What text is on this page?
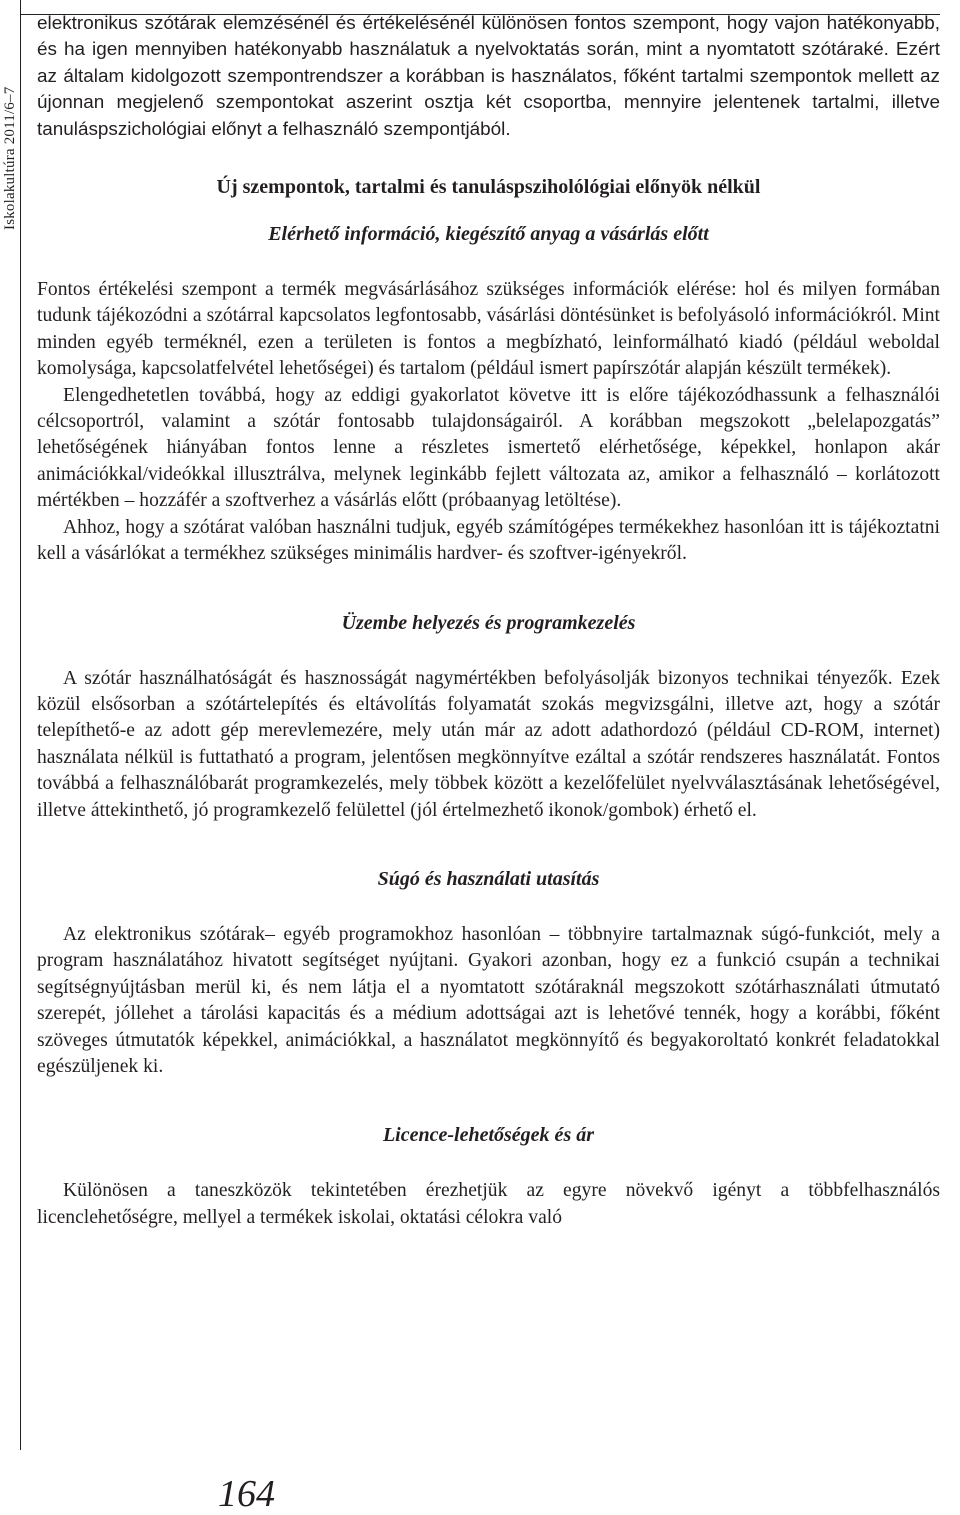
Iskolakultúra 2011/6–7

elektronikus szótárak elemzésénél és értékelésénél különösen fontos szempont, hogy vajon hatékonyabb, és ha igen mennyiben hatékonyabb használatuk a nyelvoktatás során, mint a nyomtatott szótáraké. Ezért az általam kidolgozott szempontrendszer a korábban is használatos, főként tartalmi szempontok mellett az újonnan megjelenő szempontokat aszerint osztja két csoportba, mennyire jelentenek tartalmi, illetve tanuláspszichológiai előnyt a felhasználó szempontjából.

Új szempontok, tartalmi és tanuláspsziholólógiai előnyök nélkül
Elérhető információ, kiegészítő anyag a vásárlás előtt

Fontos értékelési szempont a termék megvásárlásához szükséges információk elérése: hol és milyen formában tudunk tájékozódni a szótárral kapcsolatos legfontosabb, vásárlási döntésünket is befolyásoló információkról. Mint minden egyéb terméknél, ezen a területen is fontos a megbízható, leinformálható kiadó (például weboldal komolysága, kapcsolatfelvétel lehetőségei) és tartalom (például ismert papírszótár alapján készült termékek).

Elengedhetetlen továbbá, hogy az eddigi gyakorlatot követve itt is előre tájékozódhassunk a felhasználói célcsoportról, valamint a szótár fontosabb tulajdonságairól. A korábban megszokott „belelapozgatás” lehetőségének hiányában fontos lenne a részletes ismertető elérhetősége, képekkel, honlapon akár animációkkal/videókkal illusztrálva, melynek leginkább fejlett változata az, amikor a felhasználó – korlátozott mértékben – hozzáfér a szoftverhez a vásárlás előtt (próbaanyag letöltése).

Ahhoz, hogy a szótárat valóban használni tudjuk, egyéb számítógépes termékekhez hasonlóan itt is tájékoztatni kell a vásárlókat a termékhez szükséges minimális hardver- és szoftver-igényekről.

Üzembe helyezés és programkezelés

A szótár használhatóságát és hasznosságát nagymértékben befolyásolják bizonyos technikai tényezők. Ezek közül elsősorban a szótártelepítés és eltávolítás folyamatát szokás megvizsgálni, illetve azt, hogy a szótár telepíthető-e az adott gép merevlemezére, mely után már az adott adathordozó (például CD-ROM, internet) használata nélkül is futtatható a program, jelentősen megkönnyítve ezáltal a szótár rendszeres használatát. Fontos továbbá a felhasználóbarát programkezelés, mely többek között a kezelőfelület nyelvválasztásának lehetőségével, illetve áttekinthető, jó programkezelő felülettel (jól értelmezhető ikonok/gombok) érhető el.

Súgó és használati utasítás

Az elektronikus szótárak– egyéb programokhoz hasonlóan – többnyire tartalmaznak súgó-funkciót, mely a program használatához hivatott segítséget nyújtani. Gyakori azonban, hogy ez a funkció csupán a technikai segítségnyújtásban merül ki, és nem látja el a nyomtatott szótáraknál megszokott szótárhasználati útmutató szerepét, jóllehet a tárolási kapacitás és a médium adottságai azt is lehetővé tennék, hogy a korábbi, főként szöveges útmutatók képekkel, animációkkal, a használatot megkönnyítő és begyakoroltató konkrét feladatokkal egészüljenek ki.

Licence-lehetőségek és ár

Különösen a taneszközök tekintetében érezhetjük az egyre növekvő igényt a többfelhasználós licenclehetőségre, mellyel a termékek iskolai, oktatási célokra való

164
